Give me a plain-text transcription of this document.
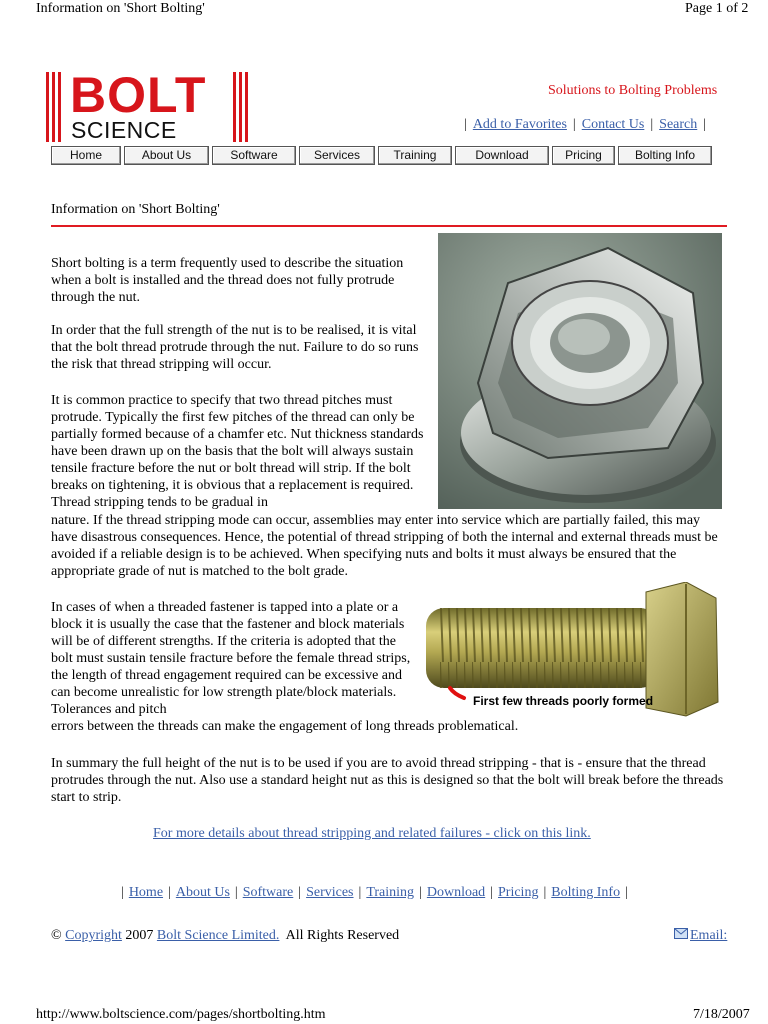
Information on 'Short Bolting'	Page 1 of 2
BOLT
SCIENCE
Solutions to Bolting Problems
| Add to Favorites | Contact Us | Search |
Home	About Us	Software	Services	Training	Download	Pricing	Bolting Info
Information on 'Short Bolting'
Short bolting is a term frequently used to describe the situation when a bolt is installed and the thread does not fully protrude through the nut.
In order that the full strength of the nut is to be realised, it is vital that the bolt thread protrude through the nut. Failure to do so runs the risk that thread stripping will occur.
It is common practice to specify that two thread pitches must protrude. Typically the first few pitches of the thread can only be partially formed because of a chamfer etc. Nut thickness standards have been drawn up on the basis that the bolt will always sustain tensile fracture before the nut or bolt thread will strip. If the bolt breaks on tightening, it is obvious that a replacement is required. Thread stripping tends to be gradual in
nature. If the thread stripping mode can occur, assemblies may enter into service which are partially failed, this may have disastrous consequences. Hence, the potential of thread stripping of both the internal and external threads must be avoided if a reliable design is to be achieved. When specifying nuts and bolts it must always be ensured that the appropriate grade of nut is matched to the bolt grade.
First few threads poorly formed
In cases of when a threaded fastener is tapped into a plate or a block it is usually the case that the fastener and block materials will be of different strengths. If the criteria is adopted that the bolt must sustain tensile fracture before the female thread strips, the length of thread engagement required can be excessive and can become unrealistic for low strength plate/block materials. Tolerances and pitch
errors between the threads can make the engagement of long threads problematical.
In summary the full height of the nut is to be used if you are to avoid thread stripping - that is - ensure that the thread protrudes through the nut. Also use a standard height nut as this is designed so that the bolt will break before the threads start to strip.
For more details about thread stripping and related failures - click on this link.
| Home | About Us | Software | Services | Training | Download | Pricing | Bolting Info |
© Copyright 2007 Bolt Science Limited. All Rights Reserved	Email:
http://www.boltscience.com/pages/shortbolting.htm	7/18/2007
